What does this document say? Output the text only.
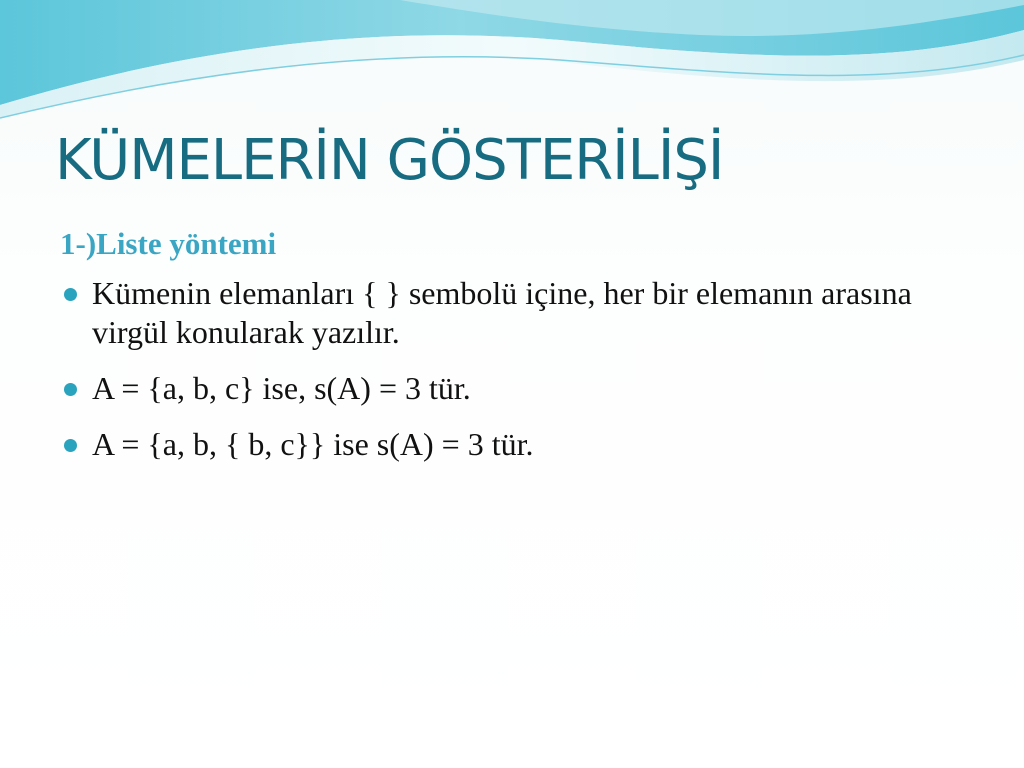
KÜMELERİN GÖSTERİLİŞİ
1-)Liste yöntemi
Kümenin elemanları { } sembolü içine, her bir elemanın arasına virgül konularak yazılır.
A = {a, b, c} ise, s(A) = 3 tür.
A = {a, b, { b, c}} ise s(A) = 3 tür.
